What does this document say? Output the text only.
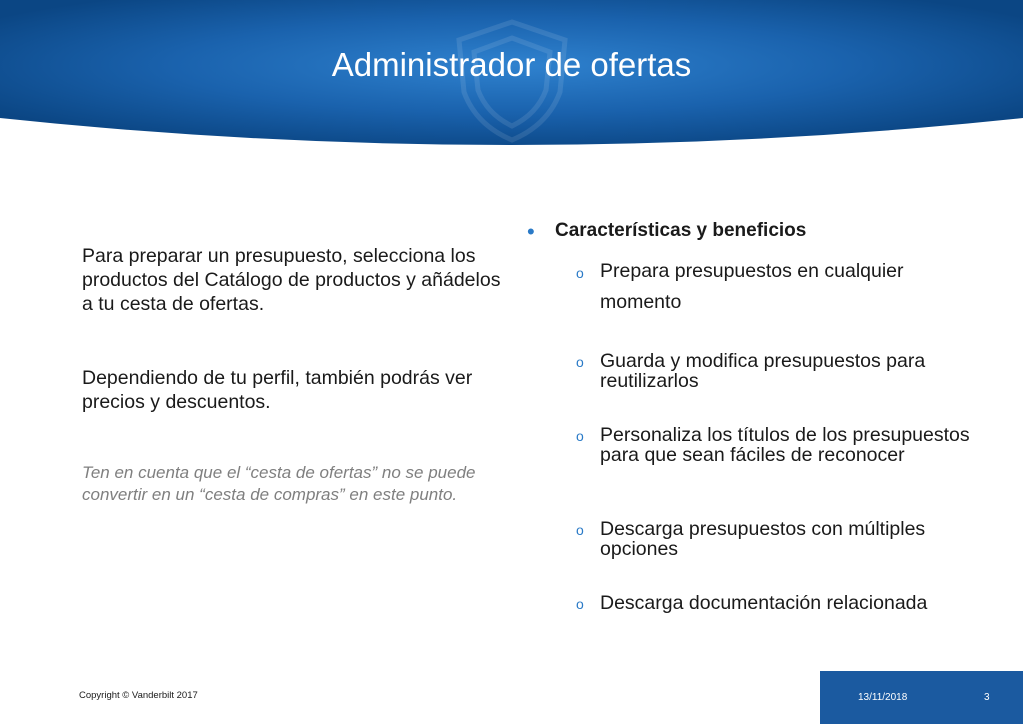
Administrador de ofertas
Para preparar un presupuesto, selecciona los productos del Catálogo de productos y añádelos a tu cesta de ofertas.
Dependiendo de tu perfil, también podrás ver precios y descuentos.
Ten en cuenta que el “cesta de ofertas” no se puede convertir en un “cesta de compras” en este punto.
• Características y beneficios
o Prepara presupuestos en cualquier momento
o Guarda y modifica presupuestos para reutilizarlos
o Personaliza los títulos de los presupuestos para que sean fáciles de reconocer
o Descarga presupuestos con múltiples opciones
o Descarga documentación relacionada
Copyright © Vanderbilt 2017	13/11/2018	3
